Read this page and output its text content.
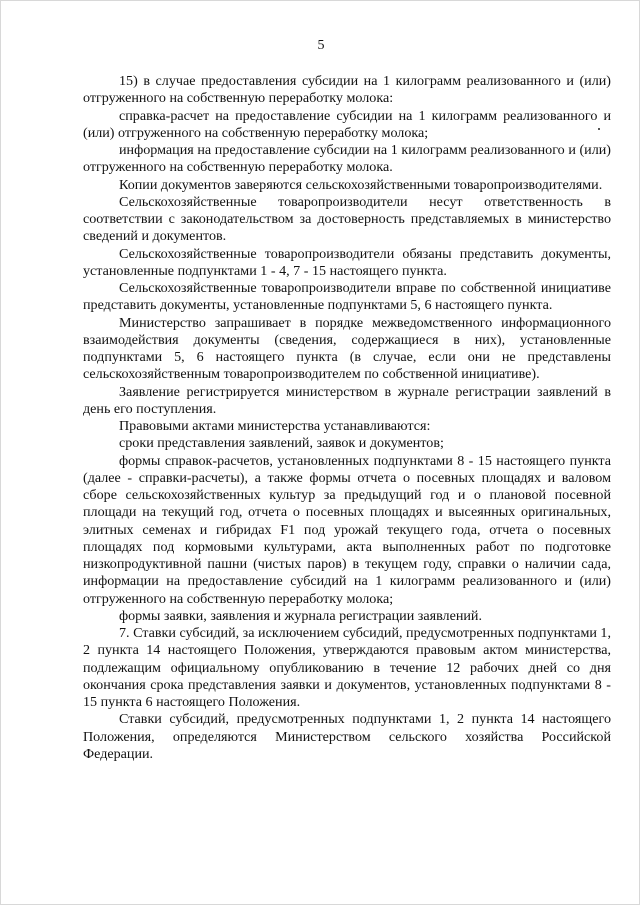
5

15) в случае предоставления субсидии на 1 килограмм реализованного и (или) отгруженного на собственную переработку молока:

справка-расчет на предоставление субсидии на 1 килограмм реализованного и (или) отгруженного на собственную переработку молока;

информация на предоставление субсидии на 1 килограмм реализованного и (или) отгруженного на собственную переработку молока.

Копии документов заверяются сельскохозяйственными товаропроизводителями.

Сельскохозяйственные товаропроизводители несут ответственность в соответствии с законодательством за достоверность представляемых в министерство сведений и документов.

Сельскохозяйственные товаропроизводители обязаны представить документы, установленные подпунктами 1 - 4, 7 - 15 настоящего пункта.

Сельскохозяйственные товаропроизводители вправе по собственной инициативе представить документы, установленные подпунктами 5, 6 настоящего пункта.

Министерство запрашивает в порядке межведомственного информационного взаимодействия документы (сведения, содержащиеся в них), установленные подпунктами 5, 6 настоящего пункта (в случае, если они не представлены сельскохозяйственным товаропроизводителем по собственной инициативе).

Заявление регистрируется министерством в журнале регистрации заявлений в день его поступления.

Правовыми актами министерства устанавливаются:

сроки представления заявлений, заявок и документов;

формы справок-расчетов, установленных подпунктами 8 - 15 настоящего пункта (далее - справки-расчеты), а также формы отчета о посевных площадях и валовом сборе сельскохозяйственных культур за предыдущий год и о плановой посевной площади на текущий год, отчета о посевных площадях и высеянных оригинальных, элитных семенах и гибридах F1 под урожай текущего года, отчета о посевных площадях под кормовыми культурами, акта выполненных работ по подготовке низкопродуктивной пашни (чистых паров) в текущем году, справки о наличии сада, информации на предоставление субсидий на 1 килограмм реализованного и (или) отгруженного на собственную переработку молока;

формы заявки, заявления и журнала регистрации заявлений.

7. Ставки субсидий, за исключением субсидий, предусмотренных подпунктами 1, 2 пункта 14 настоящего Положения, утверждаются правовым актом министерства, подлежащим официальному опубликованию в течение 12 рабочих дней со дня окончания срока представления заявки и документов, установленных подпунктами 8 - 15 пункта 6 настоящего Положения.

Ставки субсидий, предусмотренных подпунктами 1, 2 пункта 14 настоящего Положения, определяются Министерством сельского хозяйства Российской Федерации.
